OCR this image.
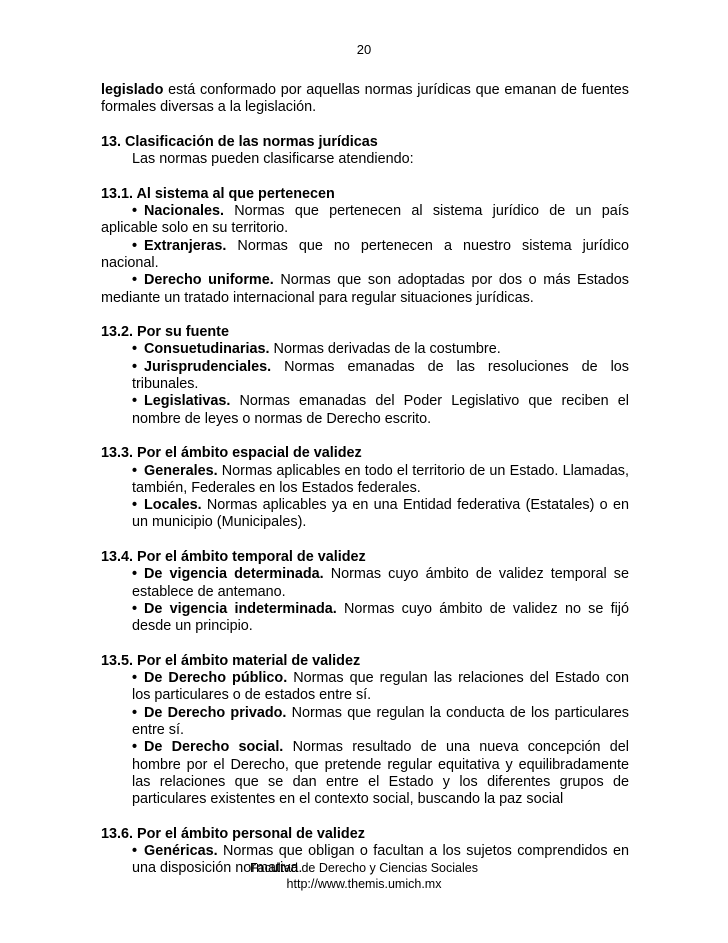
20

legislado está conformado por aquellas normas jurídicas que emanan de fuentes formales diversas a la legislación.

13. Clasificación de las normas jurídicas

Las normas pueden clasificarse atendiendo:

13.1. Al sistema al que pertenecen

• Nacionales. Normas que pertenecen al sistema jurídico de un país aplicable solo en su territorio.

• Extranjeras. Normas que no pertenecen a nuestro sistema jurídico nacional.

• Derecho uniforme. Normas que son adoptadas por dos o más Estados mediante un tratado internacional para regular situaciones jurídicas.

13.2. Por su fuente

• Consuetudinarias. Normas derivadas de la costumbre.

• Jurisprudenciales. Normas emanadas de las resoluciones de los tribunales.

• Legislativas. Normas emanadas del Poder Legislativo que reciben el nombre de leyes o normas de Derecho escrito.

13.3. Por el ámbito espacial de validez

• Generales. Normas aplicables en todo el territorio de un Estado. Llamadas, también, Federales en los Estados federales.

• Locales. Normas aplicables ya en una Entidad federativa (Estatales) o en un municipio (Municipales).

13.4. Por el ámbito temporal de validez

• De vigencia determinada. Normas cuyo ámbito de validez temporal se establece de antemano.

• De vigencia indeterminada. Normas cuyo ámbito de validez no se fijó desde un principio.

13.5. Por el ámbito material de validez

• De Derecho público. Normas que regulan las relaciones del Estado con los particulares o de estados entre sí.

• De Derecho privado. Normas que regulan la conducta de los particulares entre sí.

• De Derecho social. Normas resultado de una nueva concepción del hombre por el Derecho, que pretende regular equitativa y equilibradamente las relaciones que se dan entre el Estado y los diferentes grupos de particulares existentes en el contexto social, buscando la paz social

13.6. Por el ámbito personal de validez

• Genéricas. Normas que obligan o facultan a los sujetos comprendidos en una disposición normativa.

Facultad de Derecho y Ciencias Sociales
http://www.themis.umich.mx
